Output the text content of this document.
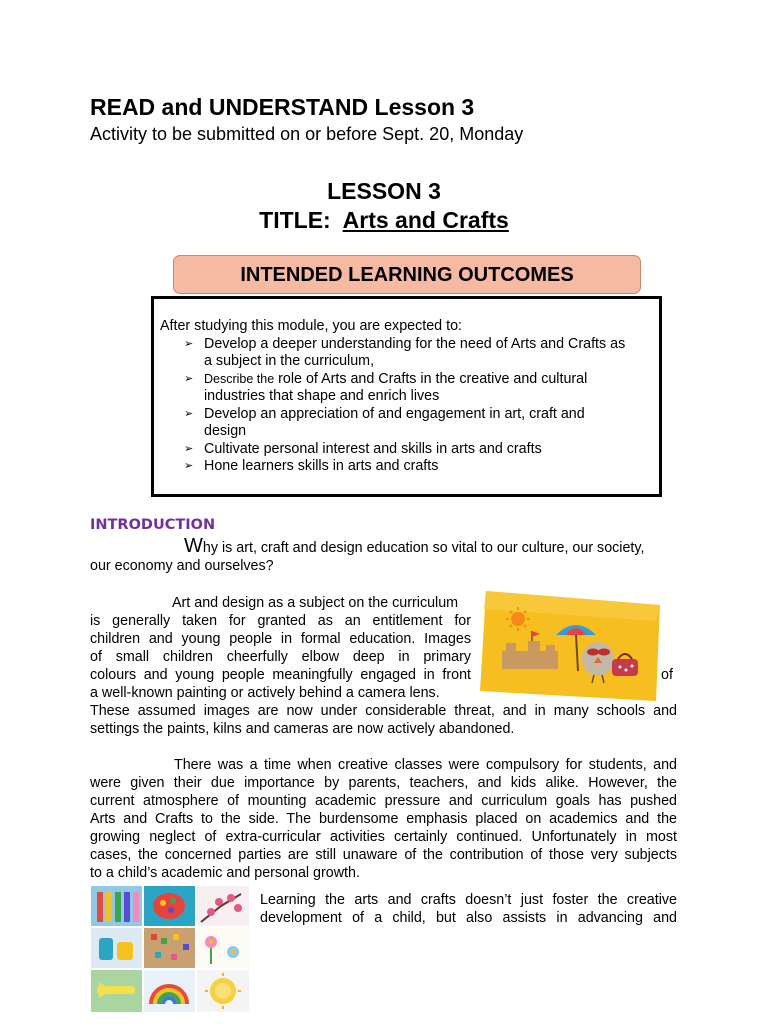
READ and UNDERSTAND Lesson 3
Activity to be submitted on or before Sept. 20, Monday
LESSON 3
TITLE: Arts and Crafts
INTENDED LEARNING OUTCOMES
After studying this module, you are expected to:
➢ Develop a deeper understanding for the need of Arts and Crafts as
a subject in the curriculum,
➢ Describe the role of Arts and Crafts in the creative and cultural
industries that shape and enrich lives
➢ Develop an appreciation of and engagement in art, craft and
design
➢ Cultivate personal interest and skills in arts and crafts
➢ Hone learners skills in arts and crafts
INTRODUCTION
Why is art, craft and design education so vital to our culture, our society,
our economy and ourselves?
Art and design as a subject on the curriculum
is generally taken for granted as an entitlement for
children and young people in formal education. Images
of small children cheerfully elbow deep in primary
colours and young people meaningfully engaged in front
a well-known painting or actively behind a camera lens.
These assumed images are now under considerable threat, and in many schools and
settings the paints, kilns and cameras are now actively abandoned.
of
There was a time when creative classes were compulsory for students, and
were given their due importance by parents, teachers, and kids alike. However, the
current atmosphere of mounting academic pressure and curriculum goals has pushed
Arts and Crafts to the side. The burdensome emphasis placed on academics and the
growing neglect of extra-curricular activities certainly continued. Unfortunately in most
cases, the concerned parties are still unaware of the contribution of those very subjects
to a child’s academic and personal growth.
Learning the arts and crafts doesn’t just foster the creative
development of a child, but also assists in advancing and
